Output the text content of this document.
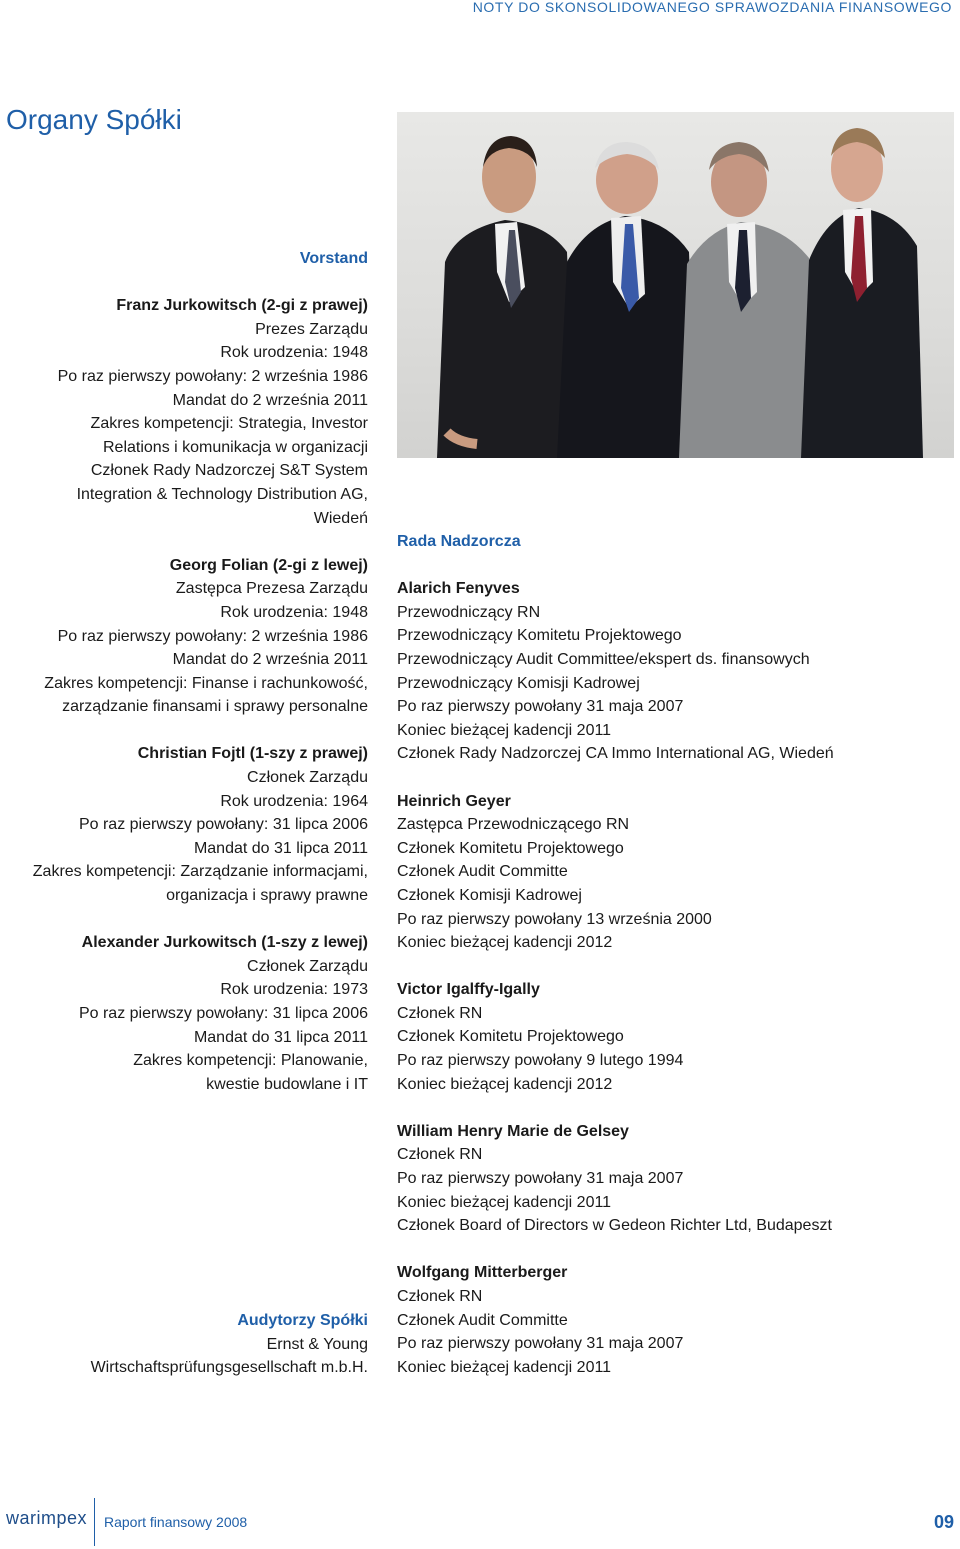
NOTY DO SKONSOLIDOWANEGO SPRAWOZDANIA FINANSOWEGO
Organy Spółki
Vorstand

Franz Jurkowitsch (2-gi z prawej)
Prezes Zarządu
Rok urodzenia: 1948
Po raz pierwszy powołany: 2 września 1986
Mandat do 2 września 2011
Zakres kompetencji: Strategia, Investor
Relations i komunikacja w organizacji
Członek Rady Nadzorczej S&T System
Integration & Technology Distribution AG,
Wiedeń

Georg Folian (2-gi z lewej)
Zastępca Prezesa Zarządu
Rok urodzenia: 1948
Po raz pierwszy powołany: 2 września 1986
Mandat do 2 września 2011
Zakres kompetencji: Finanse i rachunkowość,
zarządzanie finansami i sprawy personalne

Christian Fojtl (1-szy z prawej)
Członek Zarządu
Rok urodzenia: 1964
Po raz pierwszy powołany: 31 lipca 2006
Mandat do 31 lipca 2011
Zakres kompetencji: Zarządzanie informacjami,
organizacja i sprawy prawne

Alexander Jurkowitsch (1-szy z lewej)
Członek Zarządu
Rok urodzenia: 1973
Po raz pierwszy powołany: 31 lipca 2006
Mandat do 31 lipca 2011
Zakres kompetencji: Planowanie,
kwestie budowlane i IT
Audytorzy Spółki
Ernst & Young
Wirtschaftsprüfungsgesellschaft m.b.H.
Rada Nadzorcza

Alarich Fenyves
Przewodniczący RN
Przewodniczący Komitetu Projektowego
Przewodniczący Audit Committee/ekspert ds. finansowych
Przewodniczący Komisji Kadrowej
Po raz pierwszy powołany 31 maja 2007
Koniec bieżącej kadencji 2011
Członek Rady Nadzorczej CA Immo International AG, Wiedeń

Heinrich Geyer
Zastępca Przewodniczącego RN
Członek Komitetu Projektowego
Członek Audit Committe
Członek Komisji Kadrowej
Po raz pierwszy powołany 13 września 2000
Koniec bieżącej kadencji 2012

Victor Igalffy-Igally
Członek RN
Członek Komitetu Projektowego
Po raz pierwszy powołany 9 lutego 1994
Koniec bieżącej kadencji 2012

William Henry Marie de Gelsey
Członek RN
Po raz pierwszy powołany 31 maja 2007
Koniec bieżącej kadencji 2011
Członek Board of Directors w Gedeon Richter Ltd, Budapeszt

Wolfgang Mitterberger
Członek RN
Członek Audit Committe
Po raz pierwszy powołany 31 maja 2007
Koniec bieżącej kadencji 2011
warimpex Raport finansowy 2008	09
